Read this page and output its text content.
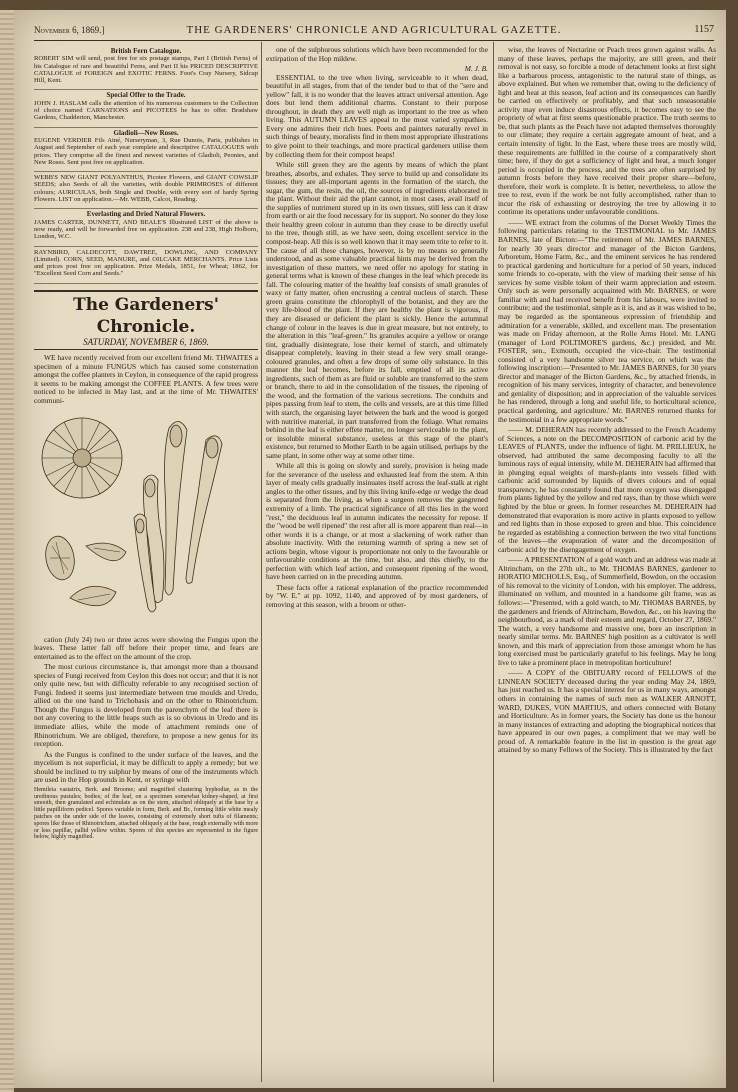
November 6, 1869.]	THE GARDENERS' CHRONICLE AND AGRICULTURAL GAZETTE.	1157
British Fern Catalogue.

ROBERT SIM will send, post free for six postage stamps, Part I (British Ferns) of his Catalogue of rare and beautiful Ferns, and Part II his PRICED DESCRIPTIVE CATALOGUE of FOREIGN and EXOTIC FERNS. Foot's Cray Nursery, Sidcup Hill, Kent.

Special Offer to the Trade.

JOHN J. HASLAM calls the attention of his numerous customers to the Collection of choice named CARNATIONS and PICOTEES he has to offer. Bradshaw Gardens, Chadderton, Manchester.

Gladioli—New Roses.

EUGENE VERDIER Fils Ainé, Nurseryman, 3, Rue Dunois, Paris, publishes in August and September of each year complete and descriptive CATALOGUES with prices. They comprise all the finest and newest varieties of Gladioli, Peonies, and New Roses. Sent post free on application.

WEBB'S NEW GIANT POLYANTHUS, Picotee Flowers, and GIANT COWSLIP SEEDS; also Seeds of all the varieties, with double PRIMROSES of different colours; AURICULAS, both Single and Double, with every sort of hardy Spring Flowers. LIST on application.—Mr. WEBB, Calcot, Reading.

Everlasting and Dried Natural Flowers.

JAMES CARTER, DUNNETT, AND BEALE'S Illustrated LIST of the above is now ready, and will be forwarded free on application. 238 and 238, High Holborn, London, W.C.

RAYNBIRD, CALDECOTT, DAWTREE, DOWLING, AND COMPANY (Limited). CORN, SEED, MANURE, and OILCAKE MERCHANTS. Price Lists and prices post free on application. Prize Medals, 1851, for Wheat; 1862, for "Excellent Seed Corn and Seeds."

The Gardeners' Chronicle.
SATURDAY, NOVEMBER 6, 1869.

WE have recently received from our excellent friend Mr. THWAITES a specimen of a minute FUNGUS which has caused some consternation amongst the coffee planters in Ceylon, in consequence of the rapid progress it seems to be making amongst the COFFEE PLANTS. A few trees were noticed to be infected in May last, and at the time of Mr. THWAITES' communi-

cation (July 24) two or three acres were showing the Fungus upon the leaves. These latter fall off before their proper time, and fears are entertained as to the effect on the amount of the crop.

The most curious circumstance is, that amongst more than a thousand species of Fungi received from Ceylon this does not occur; and that it is not only quite new, but with difficulty referable to any recognised section of Fungi. Indeed it seems just intermediate between true moulds and Uredo, allied on the one hand to Trichobasis and on the other to Rhinotrichum. Though the Fungus is developed from the parenchym of the leaf there is not any covering to the little heaps such as is so obvious in Uredo and its immediate allies, while the mode of attachment reminds one of Rhinotrichum. We are obliged, therefore, to propose a new genus for its reception.

As the Fungus is confined to the under surface of the leaves, and the mycelium is not superficial, it may be difficult to apply a remedy; but we should be inclined to try sulphur by means of one of the instruments which are used in the Hop grounds in Kent, or syringe with

Hemileia vastatrix, Berk. and Broome; and magnified clustering hyphodiæ, as in the uredinous pustules; bodies; of the leaf, on a specimen somewhat kidney-shaped, at first smooth, then granulated and echinulate as on the stem, attached obliquely at the base by a little papilliform pedicel. Spores variable in form, Berk. and Br., forming little white mealy patches on the under side of the leaves, consisting of extremely short tufts of filaments; spores like those of Rhinotrichum, attached obliquely at the base, rough externally with more or less papillæ, pallid yellow within. Spores of this species are represented in the figure below, highly magnified.

one of the sulphurous solutions which have been recommended for the extirpation of the Hop mildew.

M. J. B.

ESSENTIAL to the tree when living, serviceable to it when dead, beautiful in all stages, from that of the tender bud to that of the "sere and yellow" fall, it is no wonder that the leaves attract universal attention. Age does but lend them additional charms. Constant to their purpose throughout, in death they are well nigh as important to the tree as when living. This AUTUMN LEAVES appeal to the most varied sympathies. Every one admires their rich hues. Poets and painters naturally revel in such things of beauty, moralists find in them most appropriate illustrations to give point to their teachings, and more practical gardeners utilise them by collecting them for their compost heaps!

While still green they are the agents by means of which the plant breathes, absorbs, and exhales. They serve to build up and consolidate its tissues; they are all-important agents in the formation of the starch, the sugar, the gum, the resin, the oil, the sources of ingredients elaborated in the plant. Without their aid the plant cannot, in most cases, avail itself of the supplies of nutriment stored up in its own tissues, still less can it draw from earth or air the food necessary for its support. No sooner do they lose their healthy green colour in autumn than they cease to be directly useful to the tree, though still, as we have seen, doing excellent service in the compost-heap. All this is so well known that it may seem trite to refer to it. The cause of all these changes, however, is by no means so generally understood, and as some valuable practical hints may be derived from the investigation of these matters, we need offer no apology for stating in general terms what is known of these changes in the leaf which precede its fall. The colouring matter of the healthy leaf consists of small granules of waxy or fatty matter, often encrusting a central nucleus of starch. These green grains constitute the chlorophyll of the botanist, and they are the very life-blood of the plant. If they are healthy the plant is vigorous, if they are diseased or deficient the plant is sickly. Hence the autumnal change of colour in the leaves is due in great measure, but not entirely, to the alteration in this "leaf-green." Its granules acquire a yellow or orange tint, gradually disintegrate, lose their kernel of starch, and ultimately disappear completely, leaving in their stead a few very small orange-coloured granules, and often a few drops of some oily substance. In this manner the leaf becomes, before its fall, emptied of all its active ingredients, such of them as are fluid or soluble are transferred to the stem or branch, there to aid in the consolidation of the tissues, the ripening of the wood, and the formation of the various secretions. The conduits and pipes passing from leaf to stem, the cells and vessels, are at this time filled with starch, the organising layer between the bark and the wood is gorged with nutritive material, in part transferred from the foliage. What remains behind in the leaf is either effete matter, no longer serviceable to the plant, or insoluble mineral substance, useless at this stage of the plant's existence, but returned to Mother Earth to be again utilised, perhaps by the same plant, in some other way at some other time.

While all this is going on slowly and surely, provision is being made for the severance of the useless and exhausted leaf from the stem. A thin layer of mealy cells gradually insinuates itself across the leaf-stalk at right angles to the other tissues, and by this living knife-edge or wedge the dead is separated from the living, as when a surgeon removes the gangrened extremity of a limb. The practical significance of all this lies in the word "rest," the deciduous leaf in autumn indicates the necessity for repose. If the "wood be well ripened" the rest after all is more apparent than real—in other words it is a change, or at most a slackening of work rather than absolute inactivity. With the returning warmth of spring a new set of actions begin, whose vigour is proportionate not only to the favourable or unfavourable conditions at the time, but also, and this chiefly, to the perfection with which leaf action, and consequent ripening of the wood, have been carried on in the preceding autumn.

These facts offer a rational explanation of the practice recommended by "W. E." at pp. 1092, 1140, and approved of by most gardeners, of removing at this season, with a broom or other-

wise, the leaves of Nectarine or Peach trees grown against walls. As many of these leaves, perhaps the majority, are still green, and their removal is not easy, so forcible a mode of detachment looks at first sight like a barbarous process, antagonistic to the natural state of things, as above explained. But when we remember that, owing to the deficiency of light and heat at this season, leaf action and its consequences can hardly be carried on effectively or profitably, and that such unseasonable activity may even induce disastrous effects, it becomes easy to see the propriety of what at first seems questionable practice. The truth seems to be, that such plants as the Peach have not adapted themselves thoroughly to our climate; they require a certain aggregate amount of heat, and a certain intensity of light. In the East, where these trees are mostly wild, these requirements are fulfilled in the course of a comparatively short time; here, if they do get a sufficiency of light and heat, a much longer period is occupied in the process, and the trees are often surprised by autumn frosts before they have received their proper share—before, therefore, their work is complete. It is better, nevertheless, to allow the tree to rest, even if the work be not fully accomplished, rather than to incur the risk of exhausting or destroying the tree by allowing it to continue its operations under unfavourable conditions.

—— WE extract from the columns of the Dorset Weekly Times the following particulars relating to the TESTIMONIAL to Mr. JAMES BARNES, late of Bicton:—"The retirement of Mr. JAMES BARNES, for nearly 30 years director and manager of the Bicton Gardens, Arboretum, Home Farm, &c., and the eminent services he has rendered to practical gardening and horticulture for a period of 50 years, induced some friends to co-operate, with the view of marking their sense of his services by some visible token of their warm appreciation and esteem. Only such as were personally acquainted with Mr. BARNES, or were familiar with and had received benefit from his labours, were invited to contribute; and the testimonial, simple as it is, and as it was wished to be, may be regarded as the spontaneous expression of friendship and admiration for a venerable, skilled, and excellent man. The presentation was made on Friday afternoon, at the Rolle Arms Hotel. Mr. LANG (manager of Lord POLTIMORE'S gardens, &c.) presided, and Mr. FOSTER, sen., Exmouth, occupied the vice-chair. The testimonial consisted of a very handsome silver tea service, on which was the following inscription:—'Presented to Mr. JAMES BARNES, for 30 years director and manager of the Bicton Gardens, &c., by attached friends, in recognition of his many services, integrity of character, and benevolence and geniality of disposition; and in appreciation of the valuable services he has rendered, through a long and useful life, to horticultural science, practical gardening, and agriculture.' Mr. BARNES returned thanks for the testimonial in a few appropriate words."

—— M. DEHERAIN has recently addressed to the French Academy of Sciences, a note on the DECOMPOSITION of carbonic acid by the LEAVES of PLANTS, under the influence of light. M. PRILLIEUX, he observed, had attributed the same decomposing faculty to all the luminous rays of equal intensity, while M. DEHERAIN had affirmed that in plunging equal weights of marsh-plants into vessels filled with carbonic acid surrounded by liquids of divers colours and of equal transparency, he has constantly found that more oxygen was disengaged from plants lighted by the yellow and red rays, than by those which were lighted by the blue or green. In former researches M. DEHERAIN had demonstrated that evaporation is more active in plants exposed to yellow and red lights than in those exposed to green and blue. This coincidence he regarded as establishing a connection between the two vital functions of the leaves—the evaporation of water and the decomposition of carbonic acid by the disengagement of oxygen.

—— A PRESENTATION of a gold watch and an address was made at Altrincham, on the 27th ult., to Mr. THOMAS BARNES, gardener to HORATIO MICHOLLS, Esq., of Summerfield, Bowdon, on the occasion of his removal to the vicinity of London, with his employer. The address, illuminated on vellum, and mounted in a handsome gilt frame, was as follows:—"Presented, with a gold watch, to Mr. THOMAS BARNES, by the gardeners and friends of Altrincham, Bowdon, &c., on his leaving the neighbourhood, as a mark of their esteem and regard, October 27, 1869." The watch, a very handsome and massive one, bore an inscription in nearly similar terms. Mr. BARNES' high position as a cultivator is well known, and this mark of appreciation from those amongst whom he has long exercised must be particularly grateful to his feelings. May he long live to take a prominent place in metropolitan horticulture!

—— A COPY of the OBITUARY record of FELLOWS of the LINNEAN SOCIETY deceased during the year ending May 24, 1869, has just reached us. It has a special interest for us in many ways, amongst others in containing the names of such men as WALKER ARNOTT, WARD, DUKES, VON MARTIUS, and others connected with Botany and Horticulture. As in former years, the Society has done us the honour in many instances of extracting and adopting the biographical notices that have appeared in our own pages, a compliment that we may well be proud of. A remarkable feature in the list in question is the great age attained by so many Fellows of the Society. This is illustrated by the fact
